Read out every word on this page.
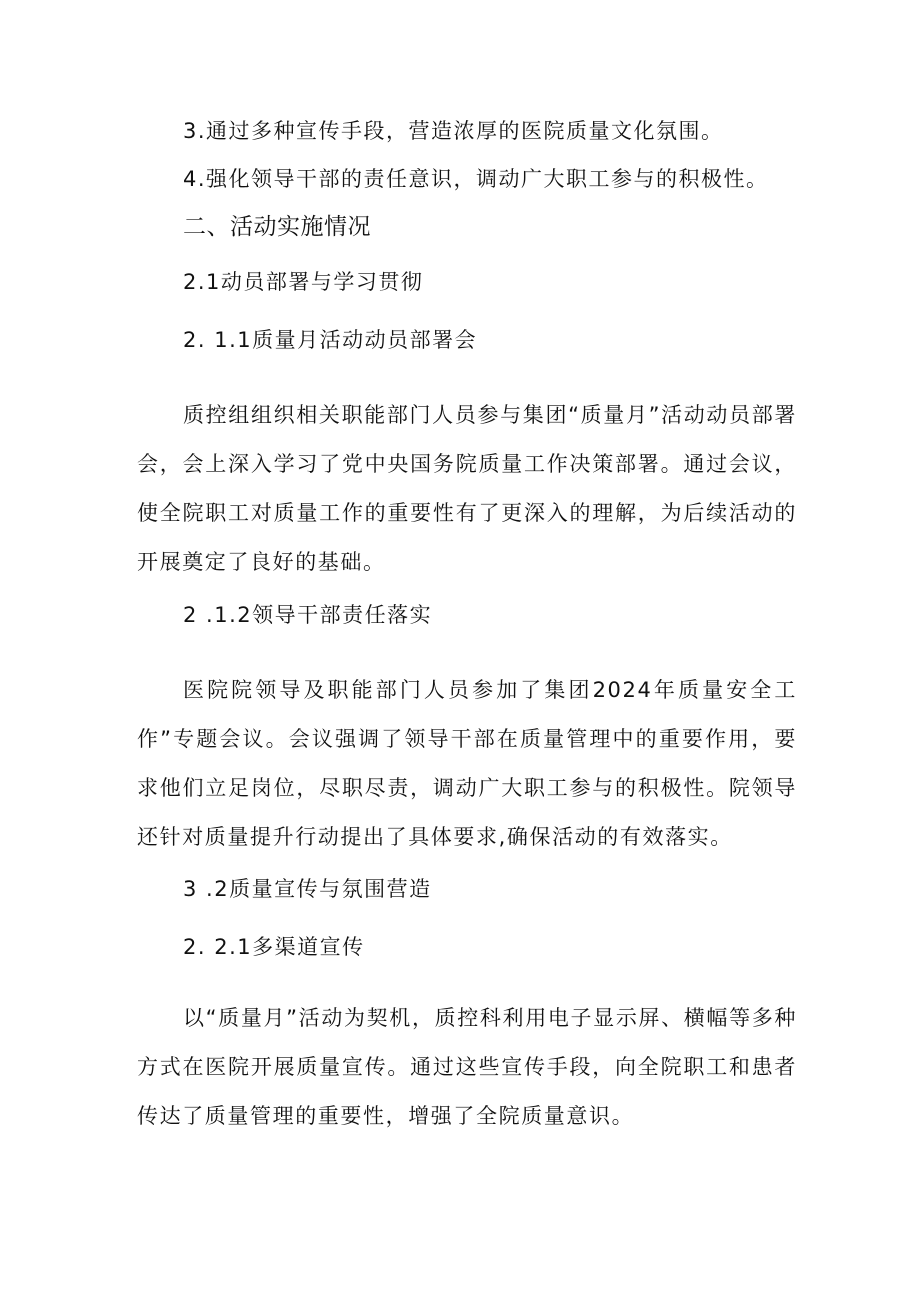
3.通过多种宣传手段，营造浓厚的医院质量文化氛围。
4.强化领导干部的责任意识，调动广大职工参与的积极性。
二、活动实施情况
2.1动员部署与学习贯彻
2. 1.1质量月活动动员部署会

质控组组织相关职能部门人员参与集团“质量月”活动动员部署会，会上深入学习了党中央国务院质量工作决策部署。通过会议，使全院职工对质量工作的重要性有了更深入的理解，为后续活动的开展奠定了良好的基础。

2 .1.2领导干部责任落实

医院院领导及职能部门人员参加了集团2024年质量安全工作”专题会议。会议强调了领导干部在质量管理中的重要作用，要求他们立足岗位，尽职尽责，调动广大职工参与的积极性。院领导还针对质量提升行动提出了具体要求,确保活动的有效落实。

3 .2质量宣传与氛围营造
2. 2.1多渠道宣传

以“质量月”活动为契机，质控科利用电子显示屏、横幅等多种方式在医院开展质量宣传。通过这些宣传手段，向全院职工和患者传达了质量管理的重要性，增强了全院质量意识。
